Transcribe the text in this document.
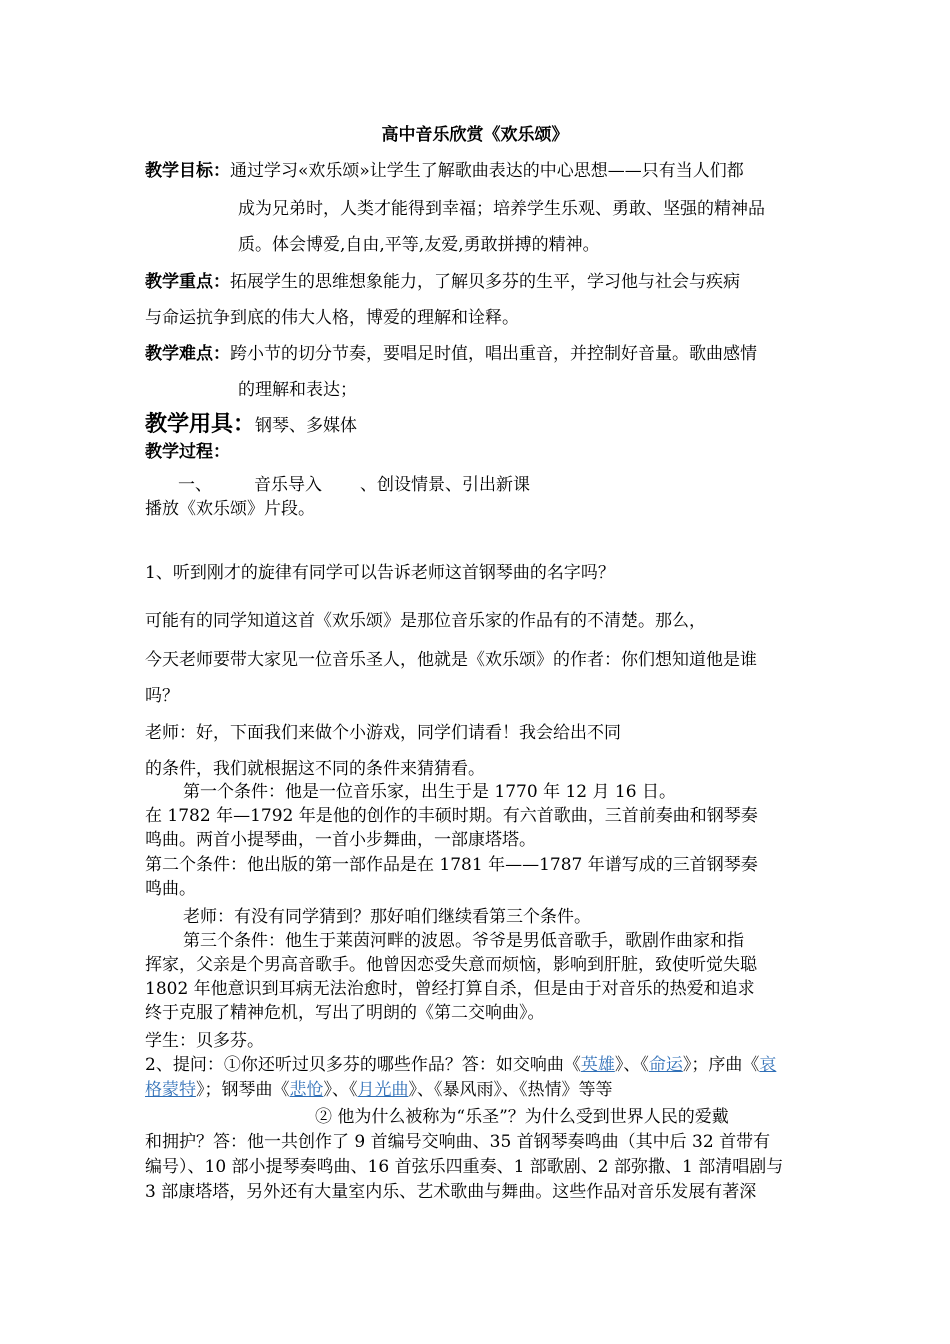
高中音乐欣赏《欢乐颂》
教学目标：通过学习«欢乐颂»让学生了解歌曲表达的中心思想——只有当人们都
成为兄弟时，人类才能得到幸福；培养学生乐观、勇敢、坚强的精神品
质。体会博爱,自由,平等,友爱,勇敢拼搏的精神。
教学重点：拓展学生的思维想象能力，了解贝多芬的生平，学习他与社会与疾病
与命运抗争到底的伟大人格，博爱的理解和诠释。
教学难点：跨小节的切分节奏，要唱足时值，唱出重音，并控制好音量。歌曲感情
的理解和表达；
教学用具：钢琴、多媒体
教学过程：
一、 音乐导入 、创设情景、引出新课
播放《欢乐颂》片段。
1、听到刚才的旋律有同学可以告诉老师这首钢琴曲的名字吗？
可能有的同学知道这首《欢乐颂》是那位音乐家的作品有的不清楚。那么，
今天老师要带大家见一位音乐圣人，他就是《欢乐颂》的作者：你们想知道他是谁
吗？
老师：好，下面我们来做个小游戏，同学们请看！我会给出不同
的条件，我们就根据这不同的条件来猜猜看。
第一个条件：他是一位音乐家，出生于是 1770 年 12 月 16 日。
在 1782 年—1792 年是他的创作的丰硕时期。有六首歌曲，三首前奏曲和钢琴奏
鸣曲。两首小提琴曲，一首小步舞曲，一部康塔塔。
第二个条件：他出版的第一部作品是在 1781 年——1787 年谱写成的三首钢琴奏
鸣曲。
老师：有没有同学猜到？那好咱们继续看第三个条件。
第三个条件：他生于莱茵河畔的波恩。爷爷是男低音歌手，歌剧作曲家和指
挥家，父亲是个男高音歌手。他曾因恋受失意而烦恼，影响到肝脏，致使听觉失聪
1802 年他意识到耳病无法治愈时，曾经打算自杀，但是由于对音乐的热爱和追求
终于克服了精神危机，写出了明朗的《第二交响曲》。
学生：贝多芬。
2、提问：①你还听过贝多芬的哪些作品？答：如交响曲《英雄》、《命运》；序曲《哀
格蒙特》；钢琴曲《悲怆》、《月光曲》、《暴风雨》、《热情》等等
② 他为什么被称为“乐圣”？为什么受到世界人民的爱戴
和拥护？答：他一共创作了 9 首编号交响曲、35 首钢琴奏鸣曲（其中后 32 首带有
编号）、10 部小提琴奏鸣曲、16 首弦乐四重奏、1 部歌剧、2 部弥撒、1 部清唱剧与
3 部康塔塔，另外还有大量室内乐、艺术歌曲与舞曲。这些作品对音乐发展有著深
